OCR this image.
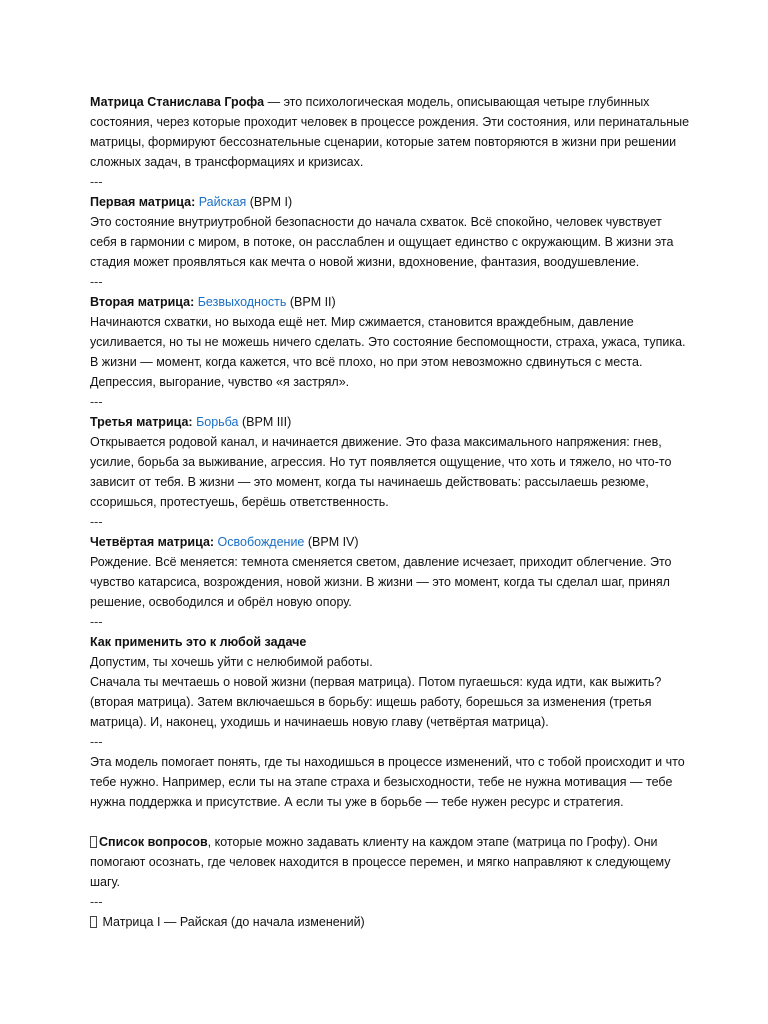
Матрица Станислава Грофа — это психологическая модель, описывающая четыре глубинных состояния, через которые проходит человек в процессе рождения. Эти состояния, или перинатальные матрицы, формируют бессознательные сценарии, которые затем повторяются в жизни при решении сложных задач, в трансформациях и кризисах.

---

Первая матрица: Райская (BPM I)

Это состояние внутриутробной безопасности до начала схваток. Всё спокойно, человек чувствует себя в гармонии с миром, в потоке, он расслаблен и ощущает единство с окружающим. В жизни эта стадия может проявляться как мечта о новой жизни, вдохновение, фантазия, воодушевление.

---

Вторая матрица: Безвыходность (BPM II)

Начинаются схватки, но выхода ещё нет. Мир сжимается, становится враждебным, давление усиливается, но ты не можешь ничего сделать. Это состояние беспомощности, страха, ужаса, тупика. В жизни — момент, когда кажется, что всё плохо, но при этом невозможно сдвинуться с места. Депрессия, выгорание, чувство «я застрял».

---

Третья матрица: Борьба (BPM III)

Открывается родовой канал, и начинается движение. Это фаза максимального напряжения: гнев, усилие, борьба за выживание, агрессия. Но тут появляется ощущение, что хоть и тяжело, но что-то зависит от тебя. В жизни — это момент, когда ты начинаешь действовать: рассылаешь резюме, ссоришься, протестуешь, берёшь ответственность.

---

Четвёртая матрица: Освобождение (BPM IV)

Рождение. Всё меняется: темнота сменяется светом, давление исчезает, приходит облегчение. Это чувство катарсиса, возрождения, новой жизни. В жизни — это момент, когда ты сделал шаг, принял решение, освободился и обрёл новую опору.

---

Как применить это к любой задаче

Допустим, ты хочешь уйти с нелюбимой работы.

Сначала ты мечтаешь о новой жизни (первая матрица). Потом пугаешься: куда идти, как выжить? (вторая матрица). Затем включаешься в борьбу: ищешь работу, борешься за изменения (третья матрица). И, наконец, уходишь и начинаешь новую главу (четвёртая матрица).

---

Эта модель помогает понять, где ты находишься в процессе изменений, что с тобой происходит и что тебе нужно. Например, если ты на этапе страха и безысходности, тебе не нужна мотивация — тебе нужна поддержка и присутствие. А если ты уже в борьбе — тебе нужен ресурс и стратегия.

Список вопросов, которые можно задавать клиенту на каждом этапе (матрица по Грофу). Они помогают осознать, где человек находится в процессе перемен, и мягко направляют к следующему шагу.

---

Матрица I — Райская (до начала изменений)
